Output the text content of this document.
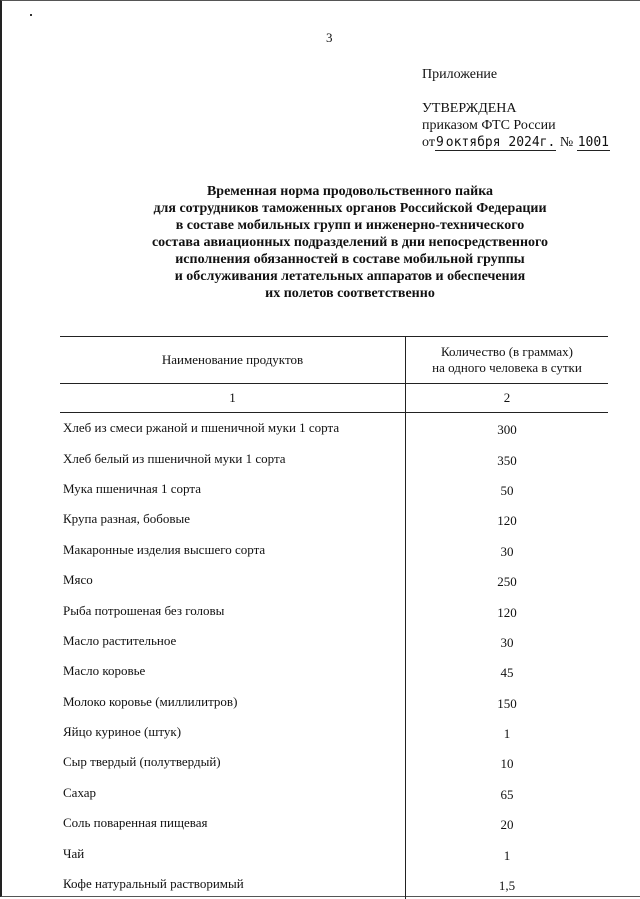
3
Приложение
УТВЕРЖДЕНА
приказом ФТС России
от9 октября 2024г. № 1001
Временная норма продовольственного пайка
для сотрудников таможенных органов Российской Федерации
в составе мобильных групп и инженерно-технического
состава авиационных подразделений в дни непосредственного
исполнения обязанностей в составе мобильной группы
и обслуживания летательных аппаратов и обеспечения
их полетов соответственно
Наименование продуктов	Количество (в граммах)
на одного человека в сутки

1	2
Хлеб из смеси ржаной и пшеничной муки 1 сорта	300
Хлеб белый из пшеничной муки 1 сорта	350
Мука пшеничная 1 сорта	50
Крупа разная, бобовые	120
Макаронные изделия высшего сорта	30
Мясо	250
Рыба потрошеная без головы	120
Масло растительное	30
Масло коровье	45
Молоко коровье (миллилитров)	150
Яйцо куриное (штук)	1
Сыр твердый (полутвердый)	10
Сахар	65
Соль поваренная пищевая	20
Чай	1
Кофе натуральный растворимый	1,5
